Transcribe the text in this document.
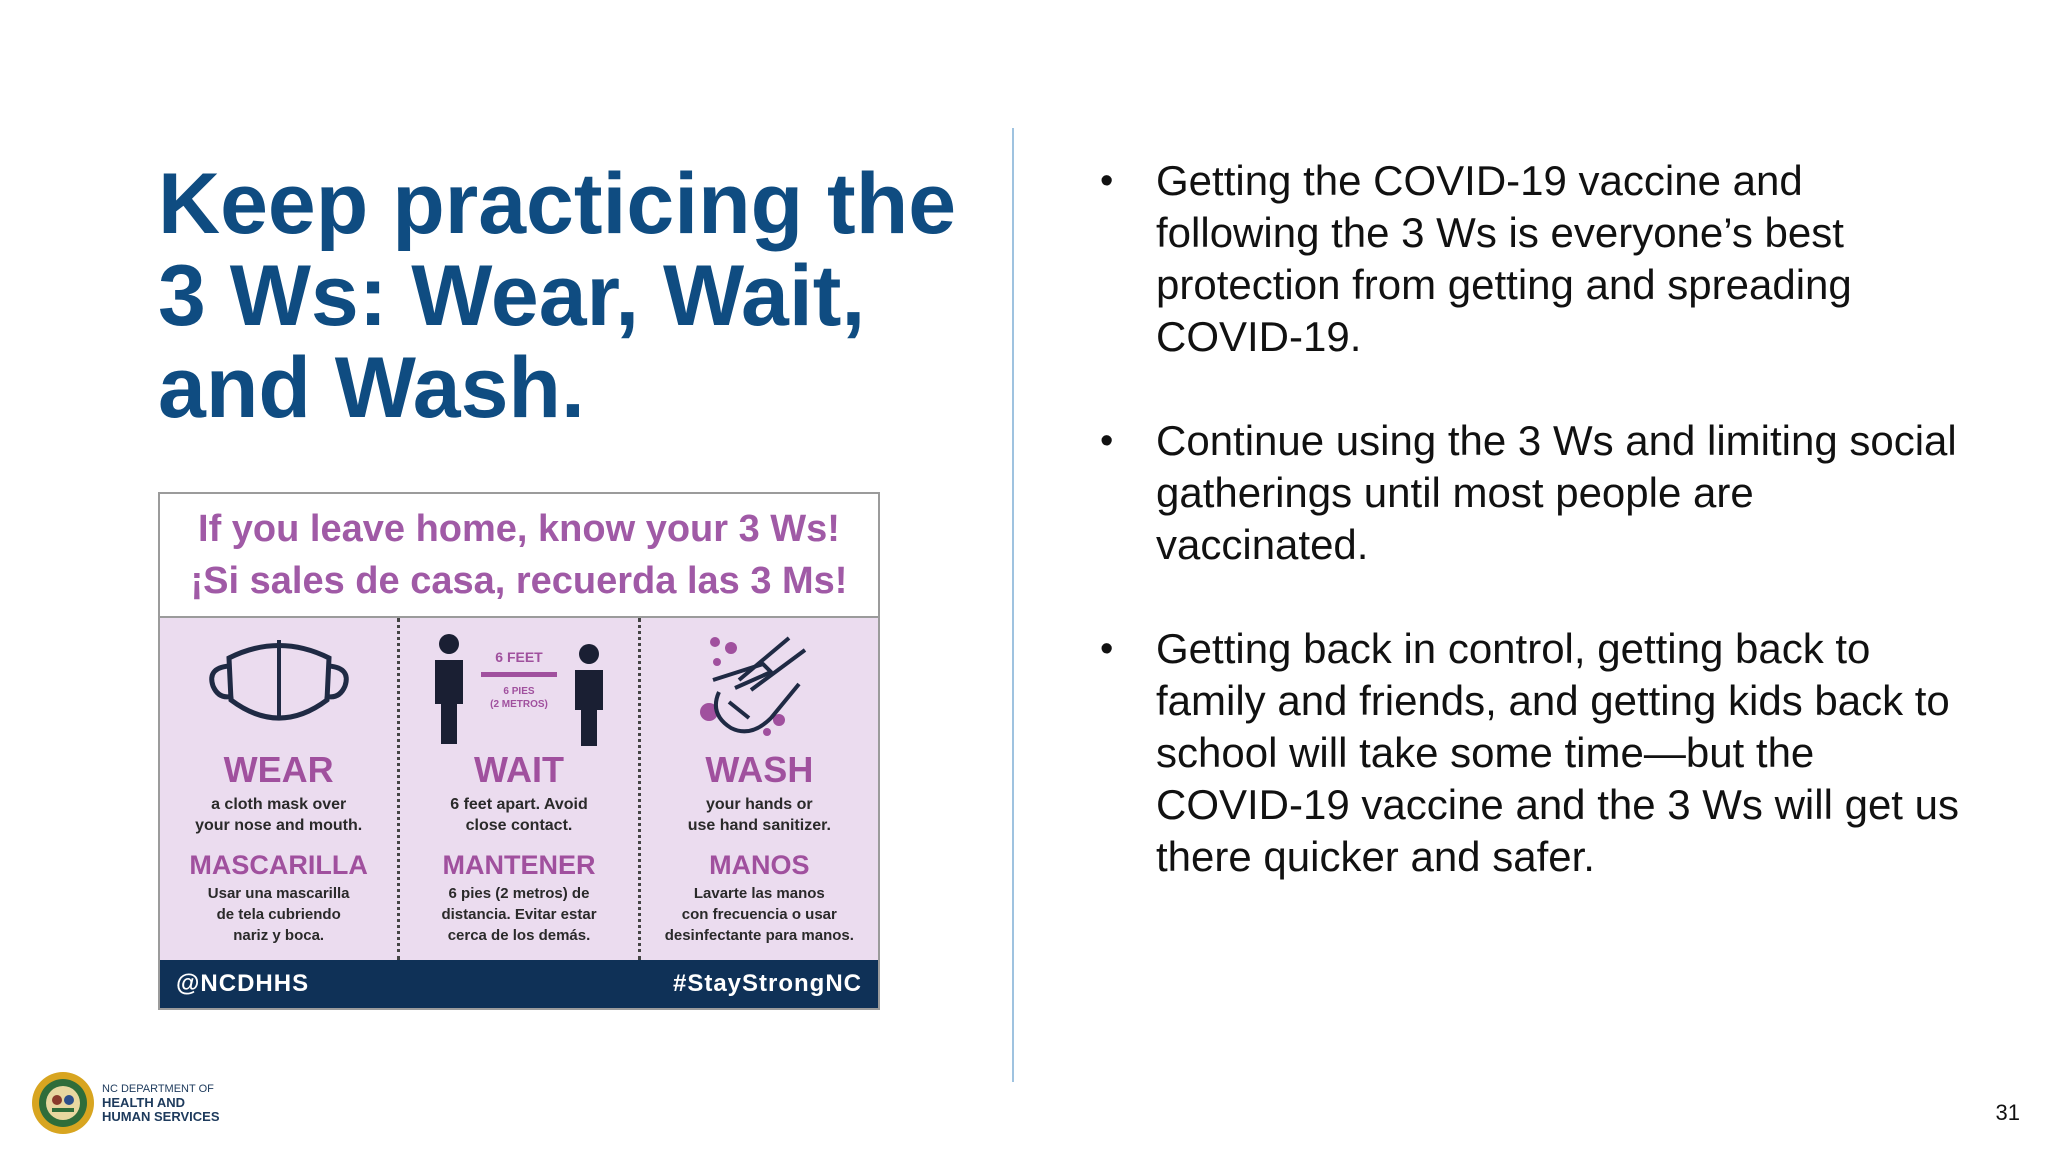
Keep practicing the
3 Ws: Wear, Wait,
and Wash.
If you leave home, know your 3 Ws!
¡Si sales de casa, recuerda las 3 Ms!
WEAR
a cloth mask over
your nose and mouth.
MASCARILLA
Usar una mascarilla
de tela cubriendo
nariz y boca.
6 FEET
6 PIES
(2 METROS)
WAIT
6 feet apart. Avoid
close contact.
MANTENER
6 pies (2 metros) de
distancia. Evitar estar
cerca de los demás.
WASH
your hands or
use hand sanitizer.
MANOS
Lavarte las manos
con frecuencia o usar
desinfectante para manos.
@NCDHHS	#StayStrongNC
• Getting the COVID-19 vaccine and following the 3 Ws is everyone’s best protection from getting and spreading COVID-19.
• Continue using the 3 Ws and limiting social gatherings until most people are vaccinated.
• Getting back in control, getting back to family and friends, and getting kids back to school will take some time—but the COVID-19 vaccine and the 3 Ws will get us there quicker and safer.
NC DEPARTMENT OF
HEALTH AND
HUMAN SERVICES	31
